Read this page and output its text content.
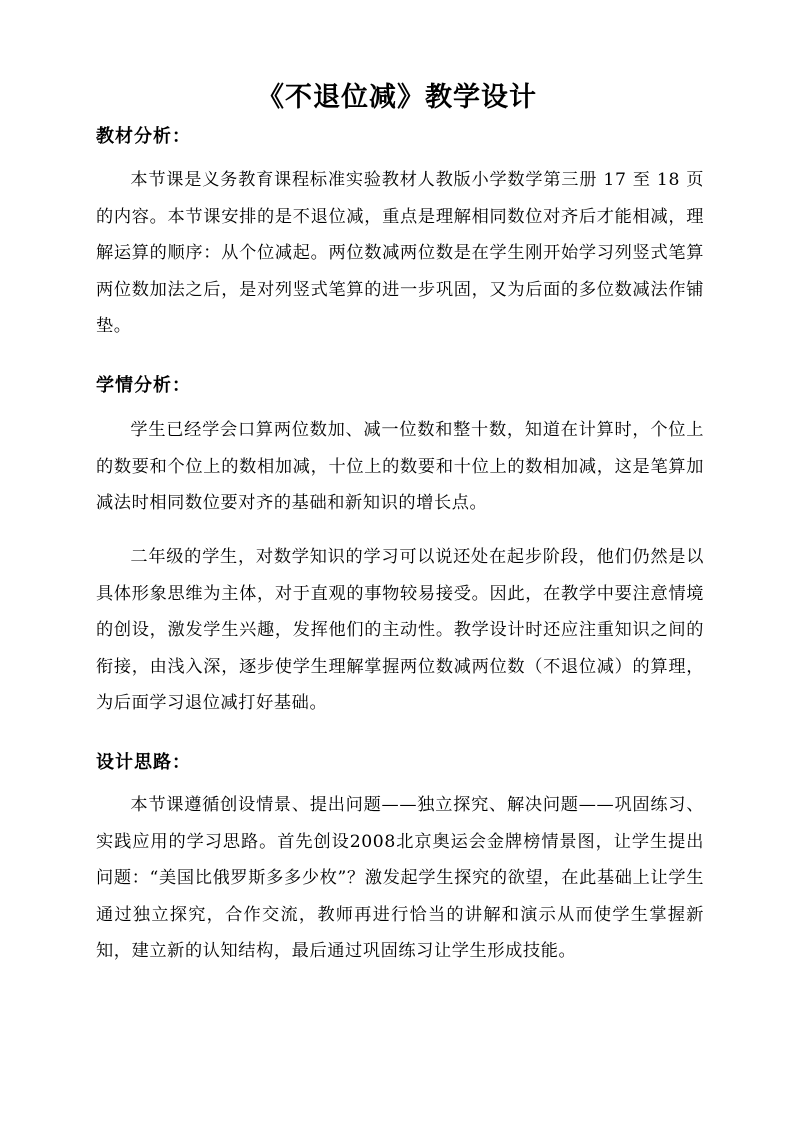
《不退位减》教学设计
教材分析：
本节课是义务教育课程标准实验教材人教版小学数学第三册 17 至 18 页的内容。本节课安排的是不退位减，重点是理解相同数位对齐后才能相减，理解运算的顺序：从个位减起。两位数减两位数是在学生刚开始学习列竖式笔算两位数加法之后，是对列竖式笔算的进一步巩固，又为后面的多位数减法作铺垫。
学情分析：
学生已经学会口算两位数加、减一位数和整十数，知道在计算时，个位上的数要和个位上的数相加减，十位上的数要和十位上的数相加减，这是笔算加减法时相同数位要对齐的基础和新知识的增长点。
二年级的学生，对数学知识的学习可以说还处在起步阶段，他们仍然是以具体形象思维为主体，对于直观的事物较易接受。因此，在教学中要注意情境的创设，激发学生兴趣，发挥他们的主动性。教学设计时还应注重知识之间的衔接，由浅入深，逐步使学生理解掌握两位数减两位数（不退位减）的算理，为后面学习退位减打好基础。
设计思路：
本节课遵循创设情景、提出问题——独立探究、解决问题——巩固练习、实践应用的学习思路。首先创设2008北京奥运会金牌榜情景图，让学生提出问题：“美国比俄罗斯多多少枚”？激发起学生探究的欲望，在此基础上让学生通过独立探究，合作交流，教师再进行恰当的讲解和演示从而使学生掌握新知，建立新的认知结构，最后通过巩固练习让学生形成技能。
